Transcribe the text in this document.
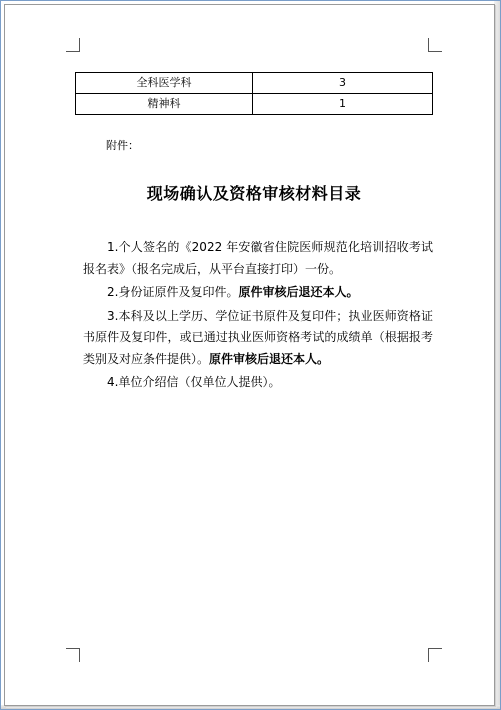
全科医学科	3
精神科	1
附件：
现场确认及资格审核材料目录

1.个人签名的《2022 年安徽省住院医师规范化培训招收考试报名表》（报名完成后，从平台直接打印）一份。

2.身份证原件及复印件。原件审核后退还本人。

3.本科及以上学历、学位证书原件及复印件；执业医师资格证书原件及复印件，或已通过执业医师资格考试的成绩单（根据报考类别及对应条件提供）。原件审核后退还本人。

4.单位介绍信（仅单位人提供）。
